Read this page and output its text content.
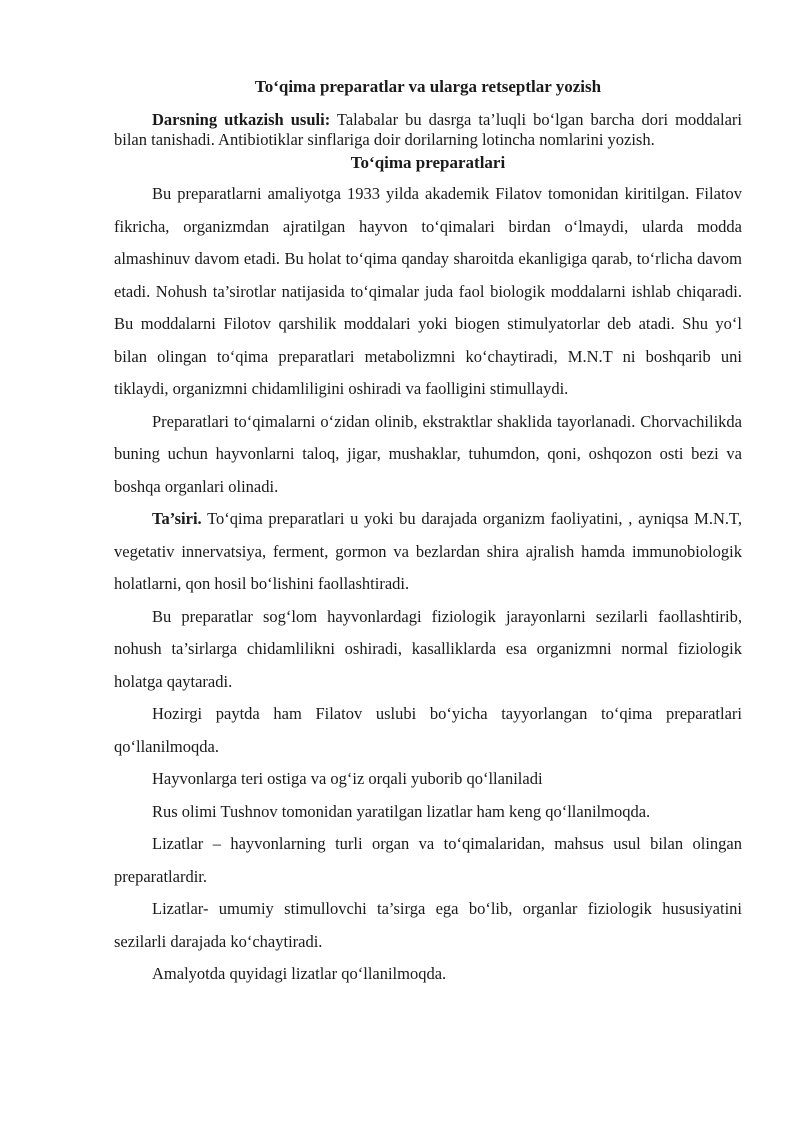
To‘qima preparatlar va ularga retseptlar yozish

Darsning utkazish usuli: Talabalar bu dasrga ta’luqli bo‘lgan barcha dori moddalari bilan tanishadi. Antibiotiklar sinflariga doir dorilarning lotincha nomlarini yozish.

To‘qima preparatlari

Bu preparatlarni amaliyotga 1933 yilda akademik Filatov tomonidan kiritilgan. Filatov fikricha, organizmdan ajratilgan hayvon to‘qimalari birdan o‘lmaydi, ularda modda almashinuv davom etadi. Bu holat to‘qima qanday sharoitda ekanligiga qarab, to‘rlicha davom etadi. Nohush ta’sirotlar natijasida to‘qimalar juda faol biologik moddalarni ishlab chiqaradi. Bu moddalarni Filotov qarshilik moddalari yoki biogen stimulyatorlar deb atadi. Shu yo‘l bilan olingan to‘qima preparatlari metabolizmni ko‘chaytiradi, M.N.T ni boshqarib uni tiklaydi, organizmni chidamliligini oshiradi va faolligini stimullaydi.

Preparatlari to‘qimalarni o‘zidan olinib, ekstraktlar shaklida tayorlanadi. Chorvachilikda buning uchun hayvonlarni taloq, jigar, mushaklar, tuhumdon, qoni, oshqozon osti bezi va boshqa organlari olinadi.

Ta’siri. To‘qima preparatlari u yoki bu darajada organizm faoliyatini, , ayniqsa M.N.T, vegetativ innervatsiya, ferment, gormon va bezlardan shira ajralish hamda immunobiologik holatlarni, qon hosil bo‘lishini faollashtiradi.

Bu preparatlar sog‘lom hayvonlardagi fiziologik jarayonlarni sezilarli faollashtirib, nohush ta’sirlarga chidamlilikni oshiradi, kasalliklarda esa organizmni normal fiziologik holatga qaytaradi.

Hozirgi paytda ham Filatov uslubi bo‘yicha tayyorlangan to‘qima preparatlari qo‘llanilmoqda.

Hayvonlarga teri ostiga va og‘iz orqali yuborib qo‘llaniladi

Rus olimi Tushnov tomonidan yaratilgan lizatlar ham keng qo‘llanilmoqda.

Lizatlar – hayvonlarning turli organ va to‘qimalaridan, mahsus usul bilan olingan preparatlardir.

Lizatlar- umumiy stimullovchi ta’sirga ega bo‘lib, organlar fiziologik hususiyatini sezilarli darajada ko‘chaytiradi.

Amalyotda quyidagi lizatlar qo‘llanilmoqda.
